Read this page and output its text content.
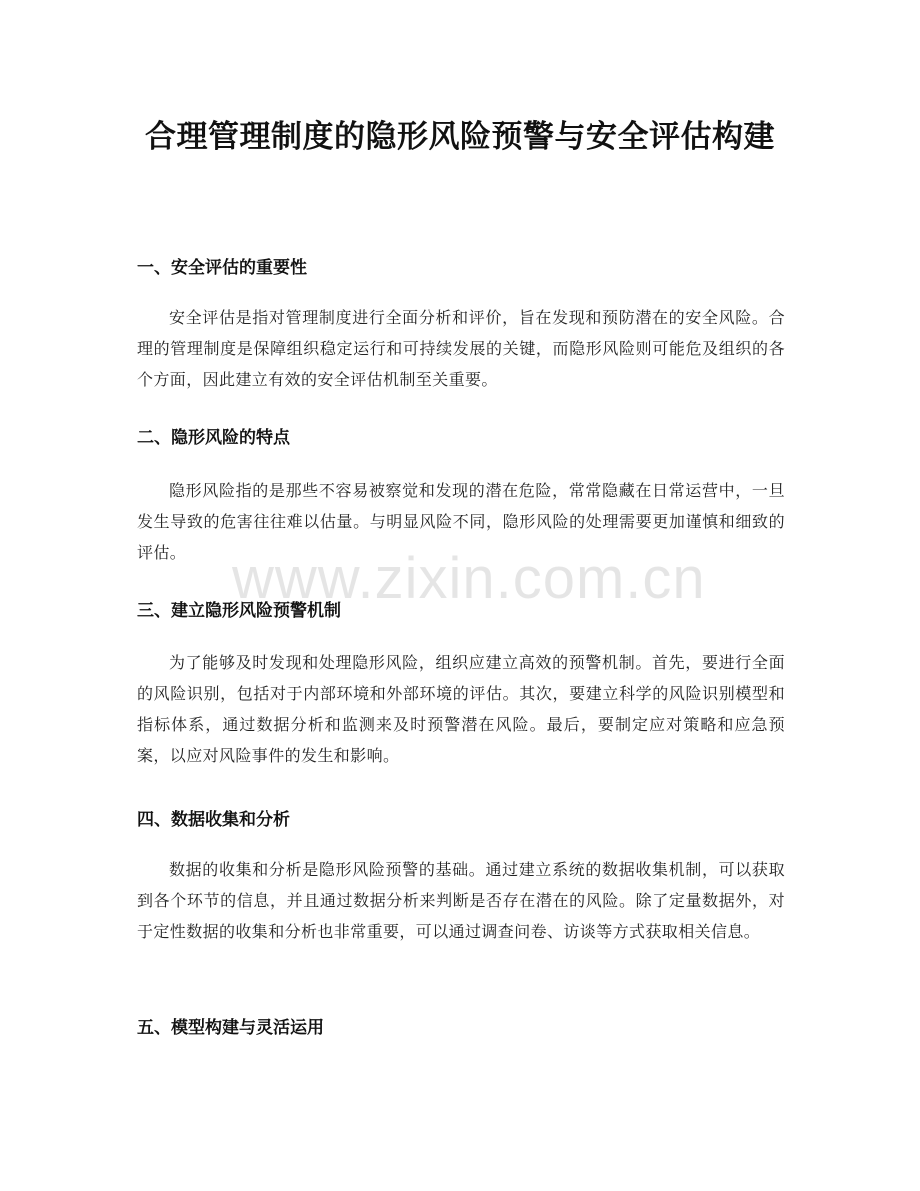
合理管理制度的隐形风险预警与安全评估构建
一、安全评估的重要性

安全评估是指对管理制度进行全面分析和评价，旨在发现和预防潜在的安全风险。合理的管理制度是保障组织稳定运行和可持续发展的关键，而隐形风险则可能危及组织的各个方面，因此建立有效的安全评估机制至关重要。

二、隐形风险的特点

隐形风险指的是那些不容易被察觉和发现的潜在危险，常常隐藏在日常运营中，一旦发生导致的危害往往难以估量。与明显风险不同，隐形风险的处理需要更加谨慎和细致的评估。

三、建立隐形风险预警机制

为了能够及时发现和处理隐形风险，组织应建立高效的预警机制。首先，要进行全面的风险识别，包括对于内部环境和外部环境的评估。其次，要建立科学的风险识别模型和指标体系，通过数据分析和监测来及时预警潜在风险。最后，要制定应对策略和应急预案，以应对风险事件的发生和影响。

四、数据收集和分析

数据的收集和分析是隐形风险预警的基础。通过建立系统的数据收集机制，可以获取到各个环节的信息，并且通过数据分析来判断是否存在潜在的风险。除了定量数据外，对于定性数据的收集和分析也非常重要，可以通过调查问卷、访谈等方式获取相关信息。

五、模型构建与灵活运用
www.zixin.com.cn
